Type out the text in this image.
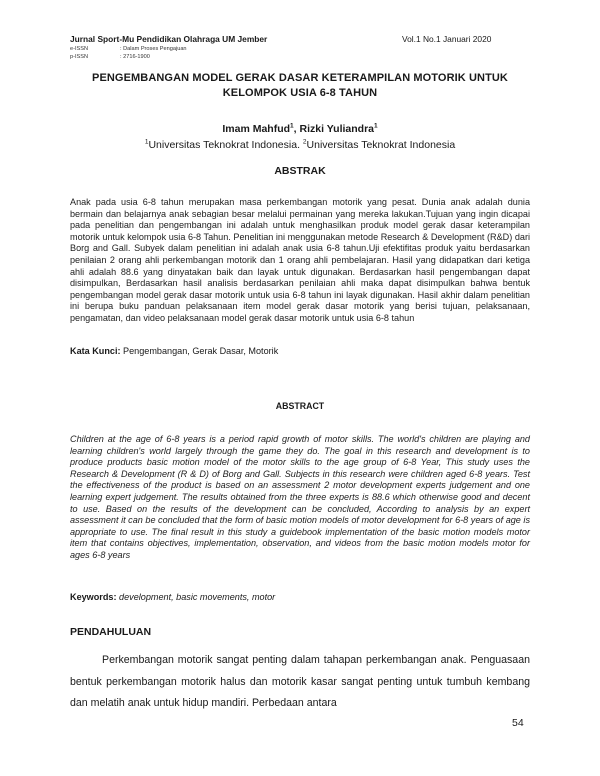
Jurnal Sport-Mu Pendidikan Olahraga UM Jember	Vol.1 No.1 Januari 2020
e-ISSN	: Dalam Proses Pengajuan
p-ISSN	: 2716-1900
PENGEMBANGAN MODEL GERAK DASAR KETERAMPILAN MOTORIK UNTUK KELOMPOK USIA 6-8 TAHUN
Imam Mahfud$^1$, Rizki Yuliandra$^1$
$^1$Universitas Teknokrat Indonesia. $^2$Universitas Teknokrat Indonesia
ABSTRAK
Anak pada usia 6-8 tahun merupakan masa perkembangan motorik yang pesat. Dunia anak adalah dunia bermain dan belajarnya anak sebagian besar melalui permainan yang mereka lakukan.Tujuan yang ingin dicapai pada penelitian dan pengembangan ini adalah untuk menghasilkan produk model gerak dasar keterampilan motorik untuk kelompok usia 6-8 Tahun. Penelitian ini menggunakan metode Research & Development (R&D) dari Borg and Gall. Subyek dalam penelitian ini adalah anak usia 6-8 tahun.Uji efektifitas produk yaitu berdasarkan penilaian 2 orang ahli perkembangan motorik dan 1 orang ahli pembelajaran. Hasil yang didapatkan dari ketiga ahli adalah 88.6 yang dinyatakan baik dan layak untuk digunakan. Berdasarkan hasil pengembangan dapat disimpulkan, Berdasarkan hasil analisis berdasarkan penilaian ahli maka dapat disimpulkan bahwa bentuk pengembangan model gerak dasar motorik untuk usia 6-8 tahun ini layak digunakan. Hasil akhir dalam penelitian ini berupa buku panduan pelaksanaan item model gerak dasar motorik yang berisi tujuan, pelaksanaan, pengamatan, dan video pelaksanaan model gerak dasar motorik untuk usia 6-8 tahun
Kata Kunci: Pengembangan, Gerak Dasar, Motorik
ABSTRACT
Children at the age of 6-8 years is a period rapid growth of motor skills. The world's children are playing and learning children's world largely through the game they do. The goal in this research and development is to produce products basic motion model of the motor skills to the age group of 6-8 Year, This study uses the Research & Development (R & D) of Borg and Gall. Subjects in this research were children aged 6-8 years. Test the effectiveness of the product is based on an assessment 2 motor development experts judgement and one learning expert judgement. The results obtained from the three experts is 88.6 which otherwise good and decent to use. Based on the results of the development can be concluded, According to analysis by an expert assessment it can be concluded that the form of basic motion models of motor development for 6-8 years of age is appropriate to use. The final result in this study a guidebook implementation of the basic motion models motor item that contains objectives, implementation, observation, and videos from the basic motion models motor for ages 6-8 years
Keywords: development, basic movements, motor
PENDAHULUAN
Perkembangan motorik sangat penting dalam tahapan perkembangan anak. Penguasaan bentuk perkembangan motorik halus dan motorik kasar sangat penting untuk tumbuh kembang dan melatih anak untuk hidup mandiri. Perbedaan antara
54
